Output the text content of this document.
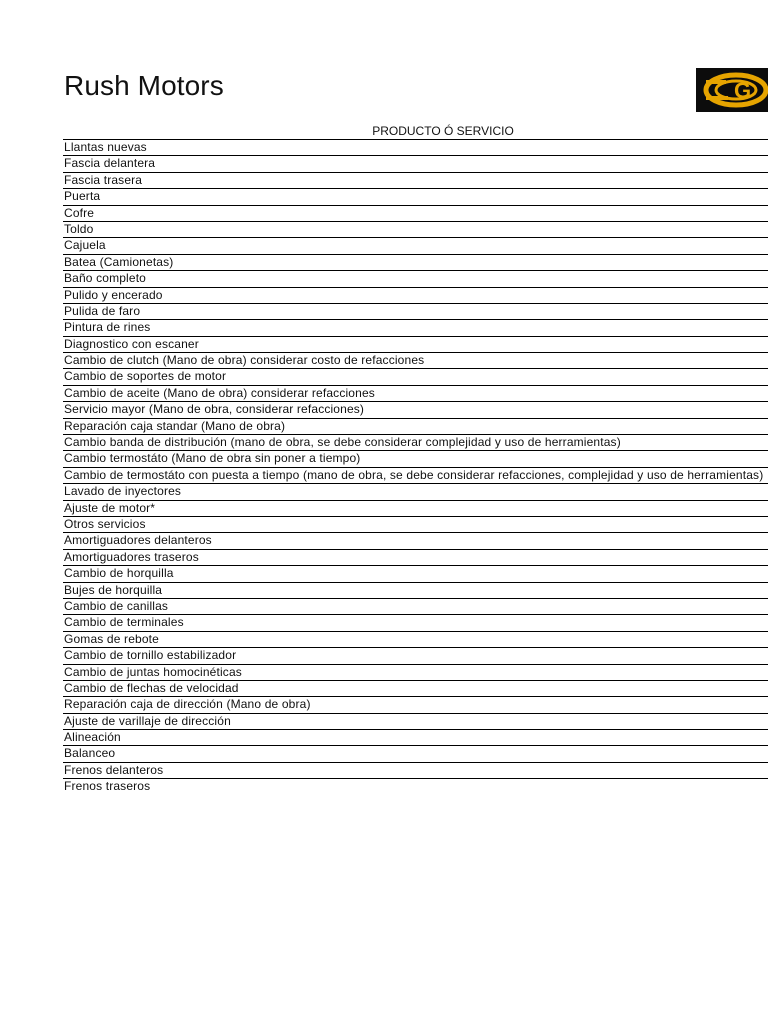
Rush Motors	G
PRODUCTO Ó SERVICIO
Llantas nuevas
Fascia delantera
Fascia trasera
Puerta
Cofre
Toldo
Cajuela
Batea (Camionetas)
Baño completo
Pulido y encerado
Pulida de faro
Pintura de rines
Diagnostico con escaner
Cambio de clutch (Mano de obra) considerar costo de refacciones
Cambio de soportes de motor
Cambio de aceite (Mano de obra) considerar refacciones
Servicio mayor (Mano de obra, considerar refacciones)
Reparación caja standar (Mano de obra)
Cambio banda de distribución (mano de obra, se debe considerar complejidad y uso de herramientas)
Cambio termostáto (Mano de obra sin poner a tiempo)
Cambio de termostáto con puesta a tiempo (mano de obra, se debe considerar refacciones, complejidad y uso de herramientas)
Lavado de inyectores
Ajuste de motor*
Otros servicios
Amortiguadores delanteros
Amortiguadores traseros
Cambio de horquilla
Bujes de horquilla
Cambio de canillas
Cambio de terminales
Gomas de rebote
Cambio de tornillo estabilizador
Cambio de juntas homocinéticas
Cambio de flechas de velocidad
Reparación caja de dirección (Mano de obra)
Ajuste de varillaje de dirección
Alineación
Balanceo
Frenos delanteros
Frenos traseros
